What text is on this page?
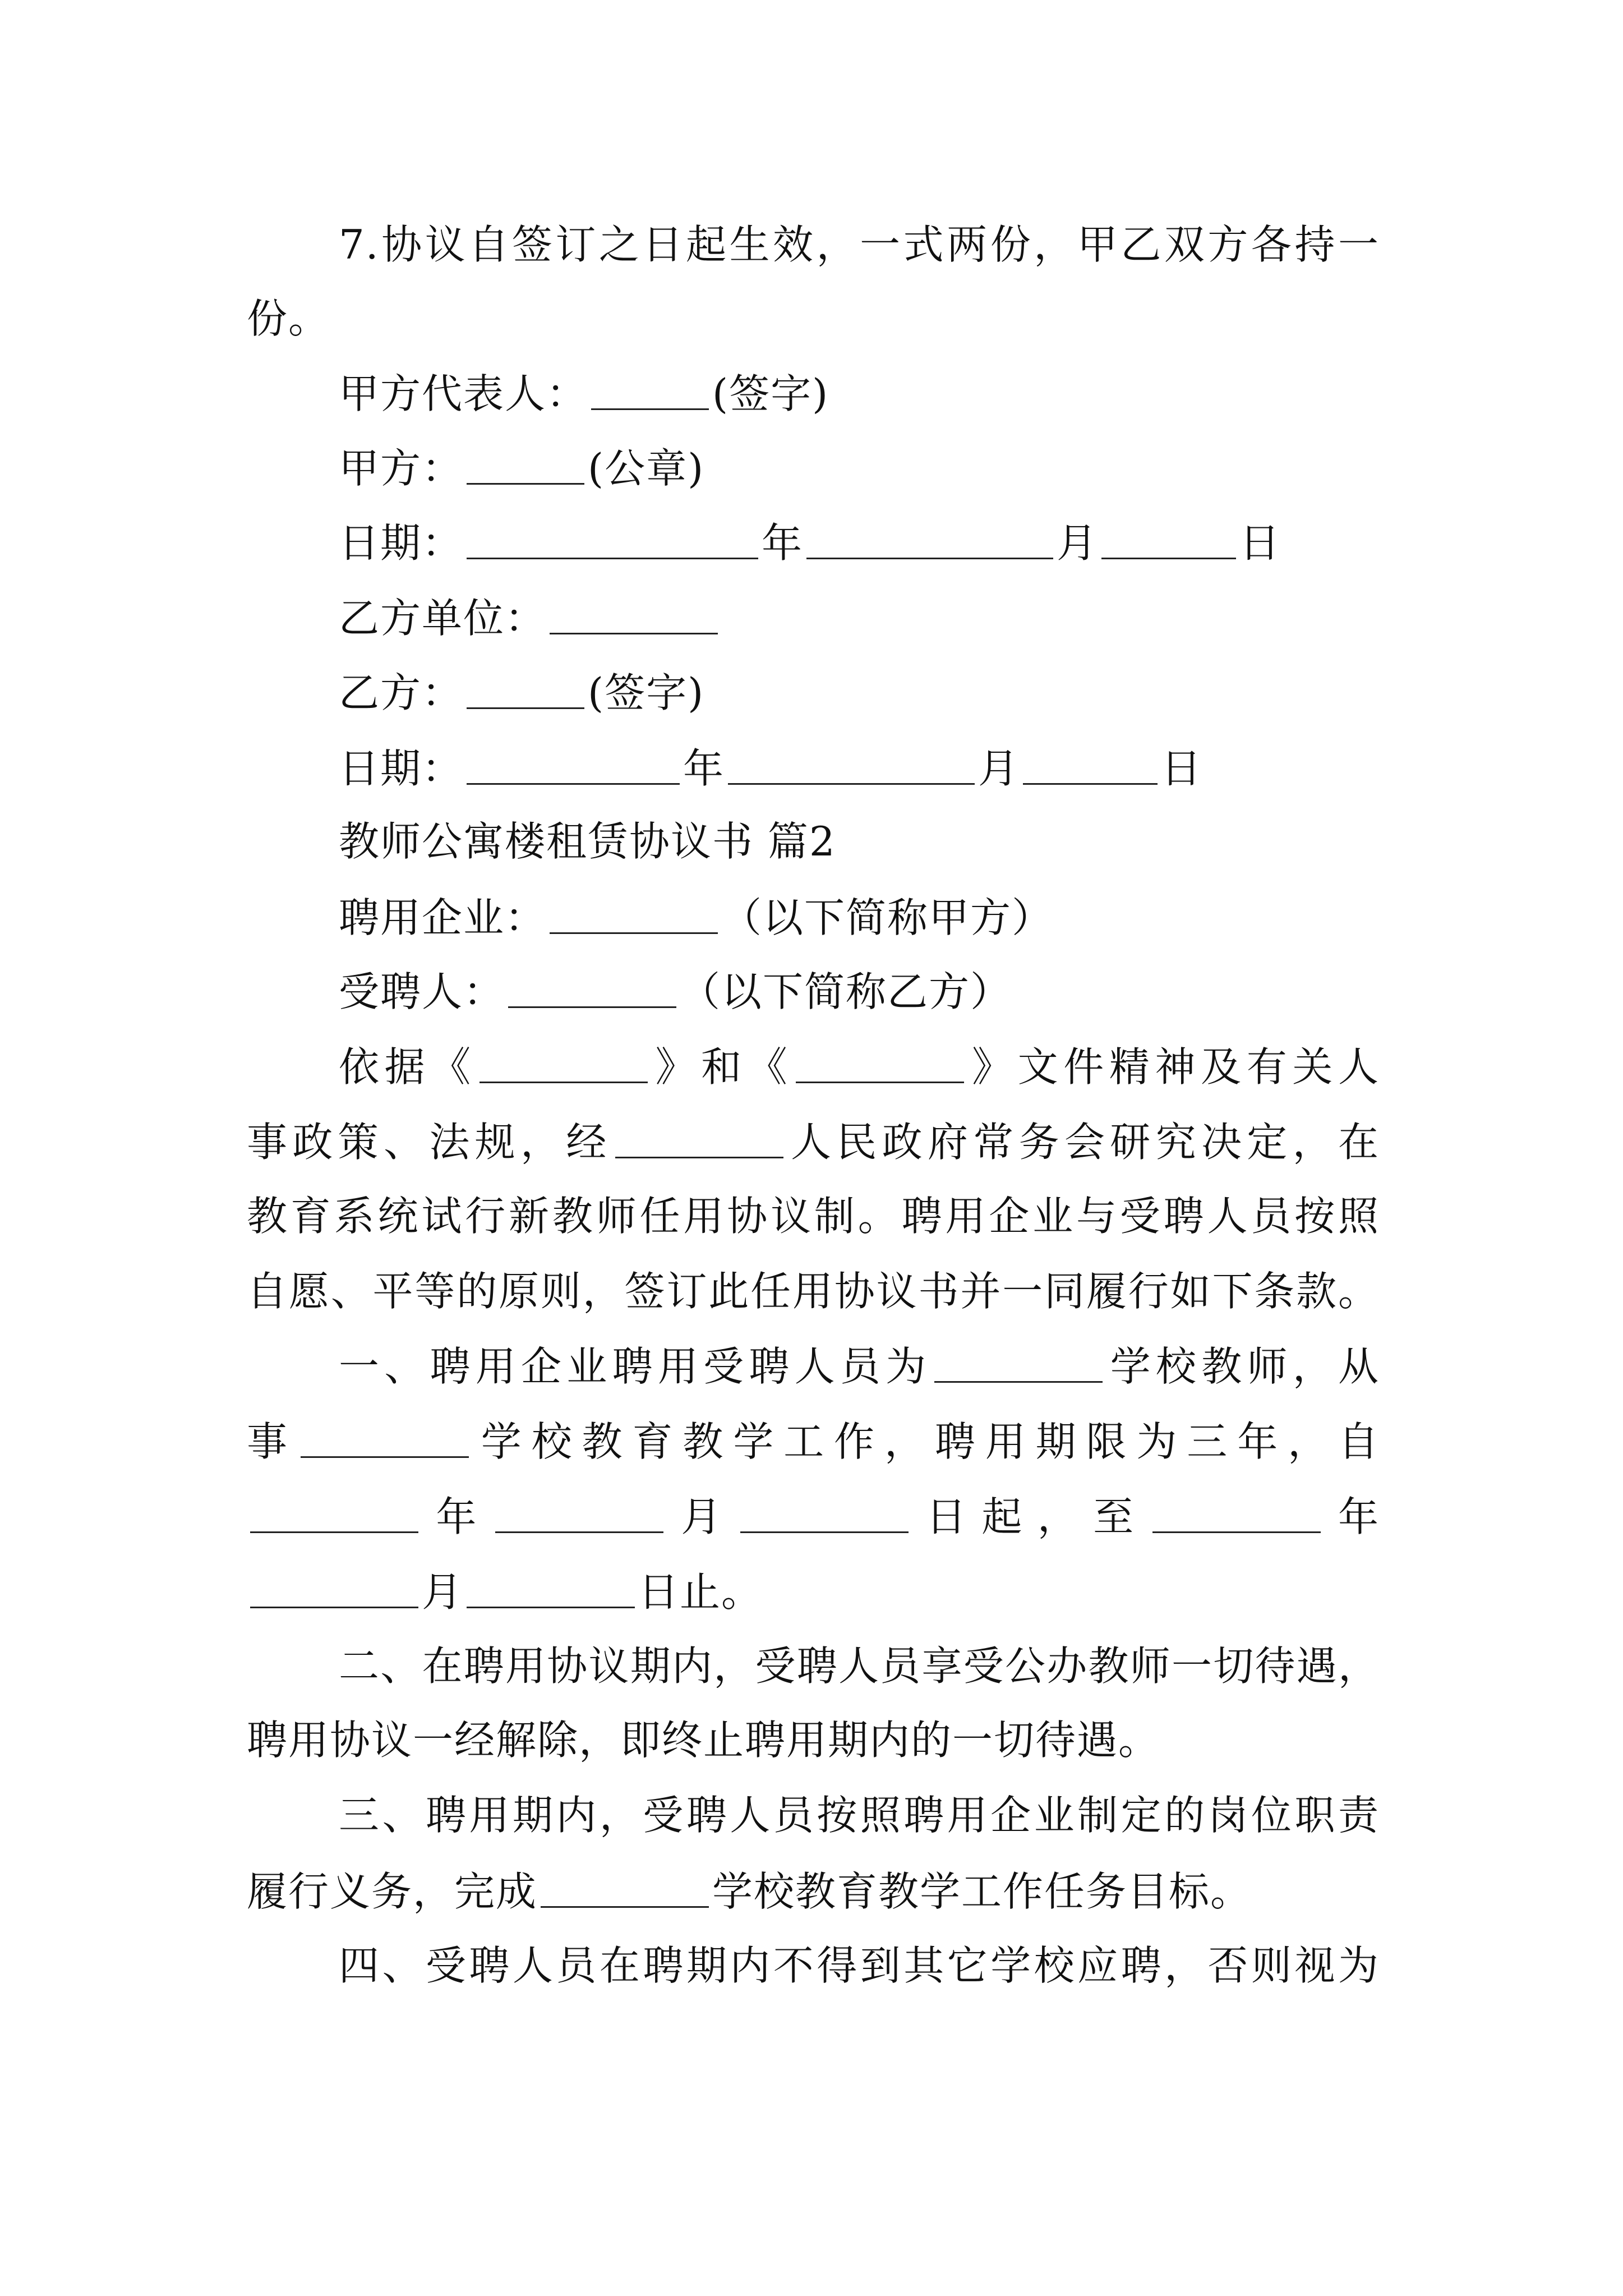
7.协议自签订之日起生效，一式两份，甲乙双方各持一
份。
甲方代表人：	(签字)
甲方：	(公章)
日期：	年	月	日
乙方单位：
乙方：	(签字)
日期：	年	月	日
教师公寓楼租赁协议书 篇2
聘用企业：	（以下简称甲方）
受聘人：	（以下简称乙方）
依据《	》和《	》文件精神及有关人
事政策、法规，经	人民政府常务会研究决定，在
教育系统试行新教师任用协议制。聘用企业与受聘人员按照
自愿、平等的原则，签订此任用协议书并一同履行如下条款。
一、聘用企业聘用受聘人员为	学校教师，从
事	学校教育教学工作，聘用期限为三年，自
年	月	日起，至	年
月	日止。
二、在聘用协议期内，受聘人员享受公办教师一切待遇，
聘用协议一经解除，即终止聘用期内的一切待遇。
三、聘用期内，受聘人员按照聘用企业制定的岗位职责
履行义务，完成	学校教育教学工作任务目标。
四、受聘人员在聘期内不得到其它学校应聘，否则视为
